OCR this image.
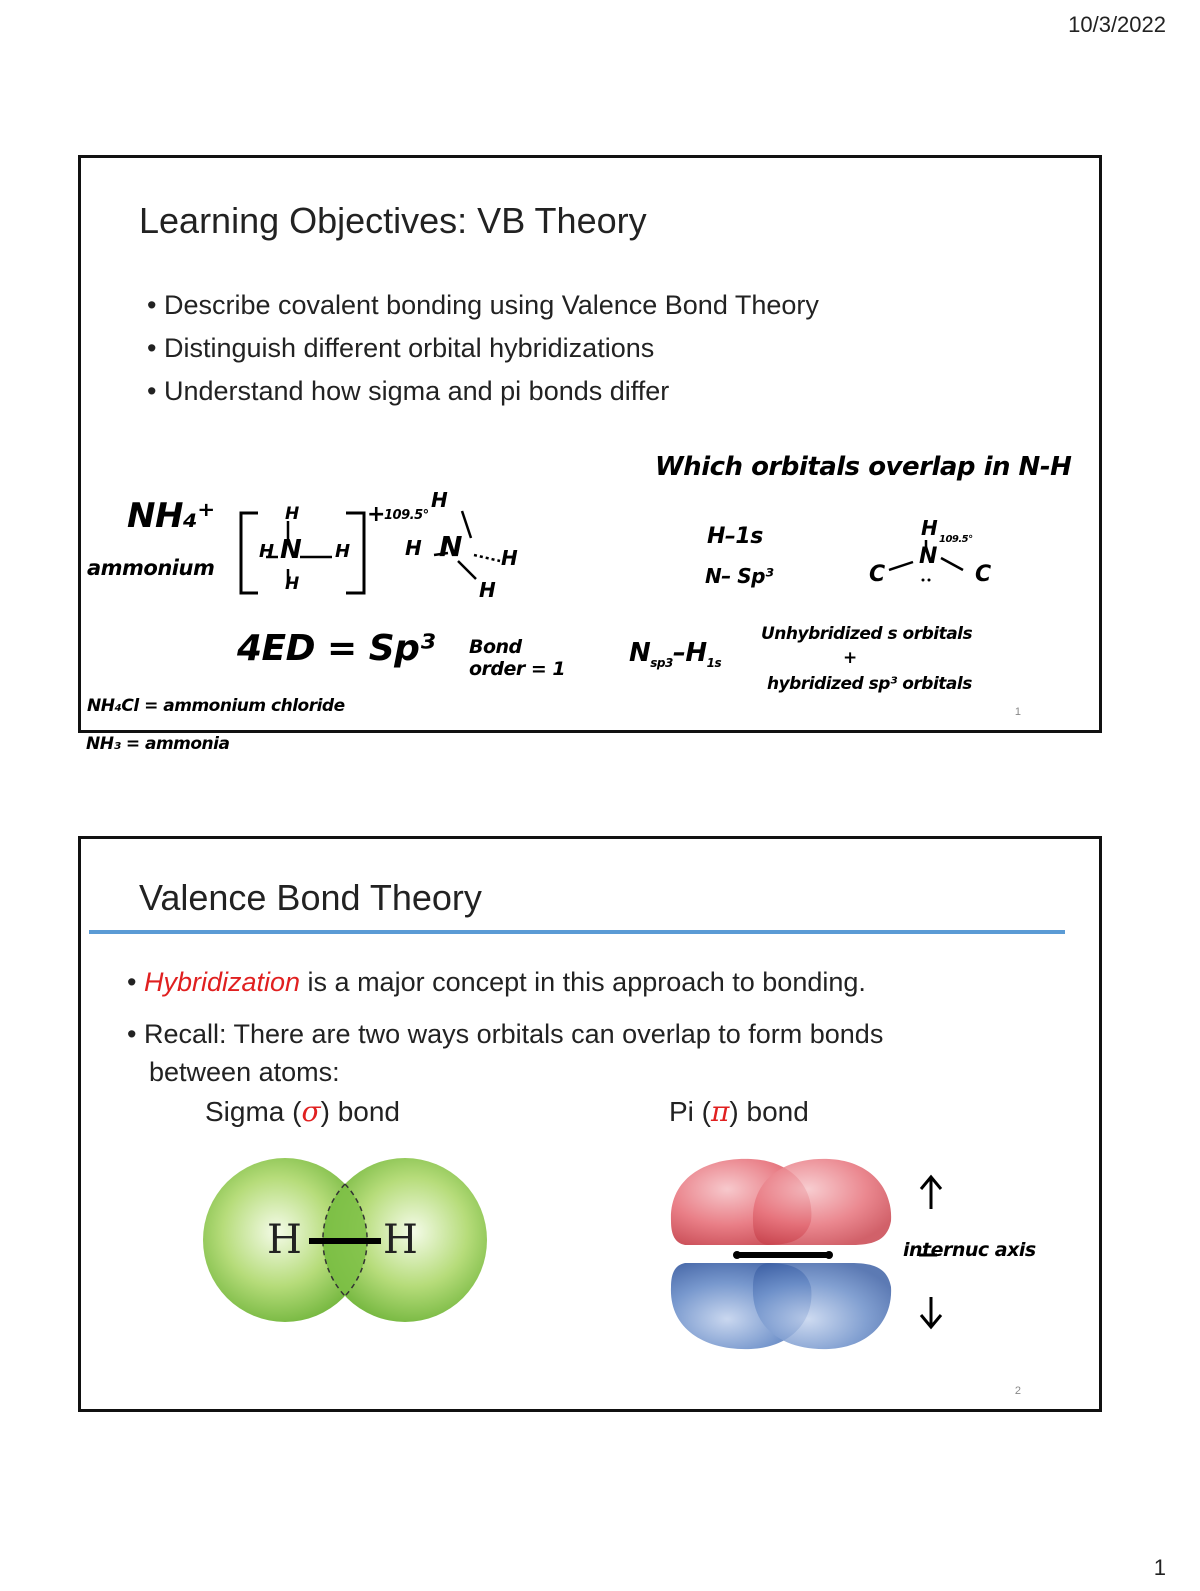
10/3/2022
Learning Objectives: VB Theory
• Describe covalent bonding using Valence Bond Theory
• Distinguish different orbital hybridizations
• Understand how sigma and pi bonds differ
NH₄⁺
ammonium
H
H N H
H
+ 109.5°
H
H N H
H
4ED = Sp³ Bond order = 1
$N_{sp3}-H_{1s}$
Which orbitals overlap in N-H
H–1s
N– Sp³
H 109.5°
N
C	C
Unhybridized s orbitals
+
hybridized sp³ orbitals
NH₄Cl = ammonium chloride	1
NH₃ = ammonia
Valence Bond Theory
• Hybridization is a major concept in this approach to bonding.
• Recall: There are two ways orbitals can overlap to form bonds between atoms:
Sigma (σ) bond	Pi (π) bond
H H	internuc axis
2
1
